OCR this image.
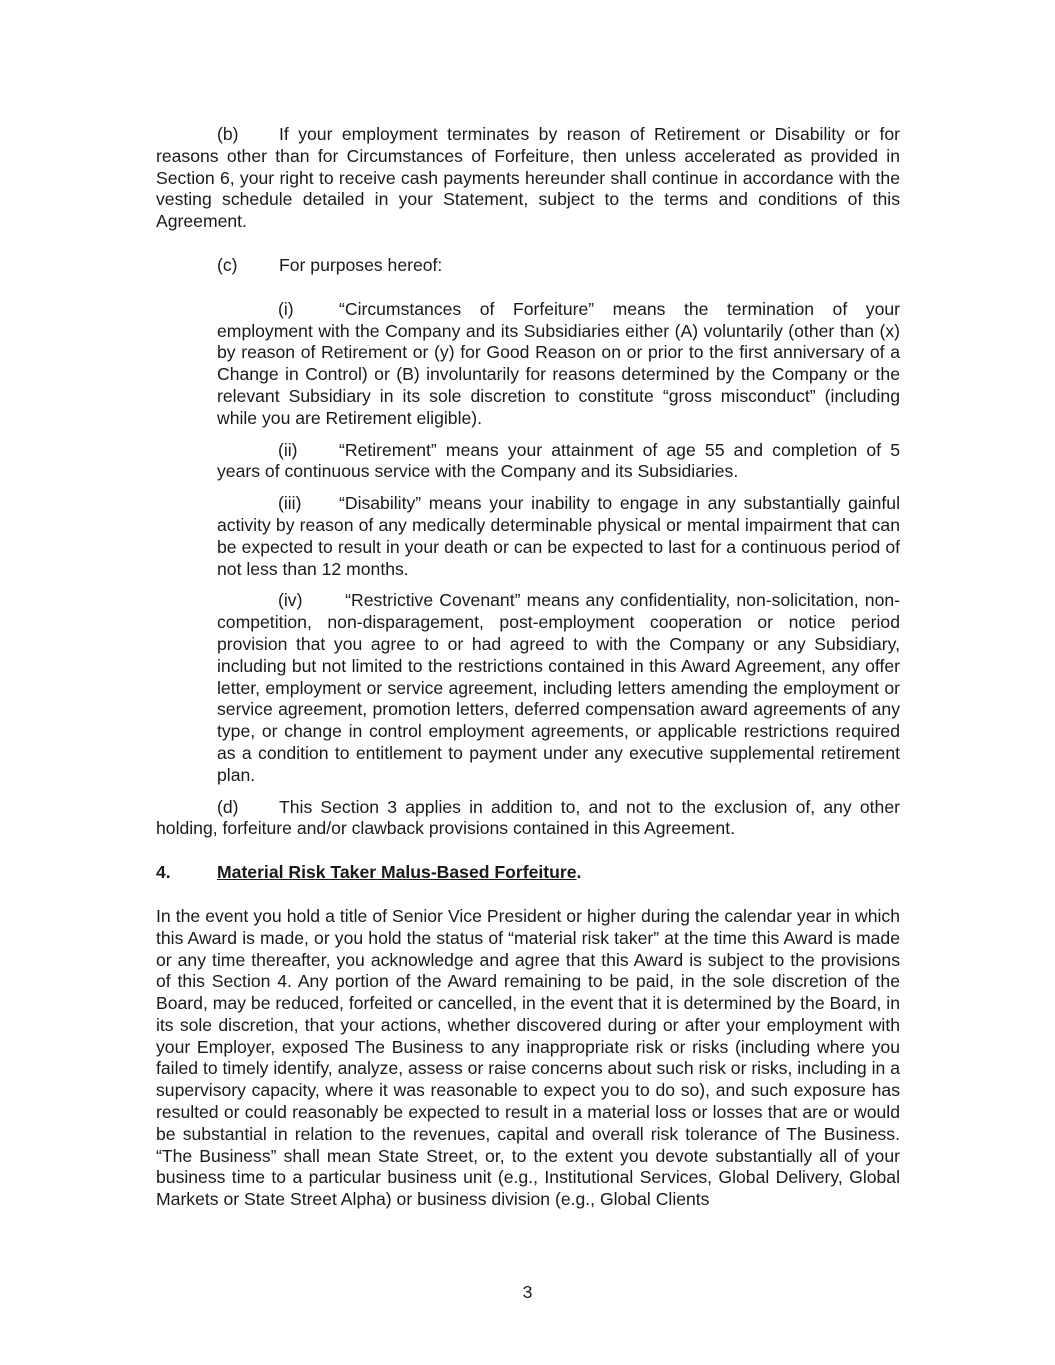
(b) If your employment terminates by reason of Retirement or Disability or for reasons other than for Circumstances of Forfeiture, then unless accelerated as provided in Section 6, your right to receive cash payments hereunder shall continue in accordance with the vesting schedule detailed in your Statement, subject to the terms and conditions of this Agreement.

(c) For purposes hereof:

(i)	“Circumstances of Forfeiture” means the termination of your employment with the Company and its Subsidiaries either (A) voluntarily (other than (x) by reason of Retirement or (y) for Good Reason on or prior to the first anniversary of a Change in Control) or (B) involuntarily for reasons determined by the Company or the relevant Subsidiary in its sole discretion to constitute “gross misconduct” (including while you are Retirement eligible).

(ii) “Retirement” means your attainment of age 55 and completion of 5 years of continuous service with the Company and its Subsidiaries.

(iii) “Disability” means your inability to engage in any substantially gainful activity by reason of any medically determinable physical or mental impairment that can be expected to result in your death or can be expected to last for a continuous period of not less than 12 months.

(iv) “Restrictive Covenant” means any confidentiality, non-solicitation, non-competition, non-disparagement, post-employment cooperation or notice period provision that you agree to or had agreed to with the Company or any Subsidiary, including but not limited to the restrictions contained in this Award Agreement, any offer letter, employment or service agreement, including letters amending the employment or service agreement, promotion letters, deferred compensation award agreements of any type, or change in control employment agreements, or applicable restrictions required as a condition to entitlement to payment under any executive supplemental retirement plan.

(d) This Section 3 applies in addition to, and not to the exclusion of, any other holding, forfeiture and/or clawback provisions contained in this Agreement.

4.	Material Risk Taker Malus-Based Forfeiture.

In the event you hold a title of Senior Vice President or higher during the calendar year in which this Award is made, or you hold the status of “material risk taker” at the time this Award is made or any time thereafter, you acknowledge and agree that this Award is subject to the provisions of this Section 4. Any portion of the Award remaining to be paid, in the sole discretion of the Board, may be reduced, forfeited or cancelled, in the event that it is determined by the Board, in its sole discretion, that your actions, whether discovered during or after your employment with your Employer, exposed The Business to any inappropriate risk or risks (including where you failed to timely identify, analyze, assess or raise concerns about such risk or risks, including in a supervisory capacity, where it was reasonable to expect you to do so), and such exposure has resulted or could reasonably be expected to result in a material loss or losses that are or would be substantial in relation to the revenues, capital and overall risk tolerance of The Business. “The Business” shall mean State Street, or, to the extent you devote substantially all of your business time to a particular business unit (e.g., Institutional Services, Global Delivery, Global Markets or State Street Alpha) or business division (e.g., Global Clients

3
